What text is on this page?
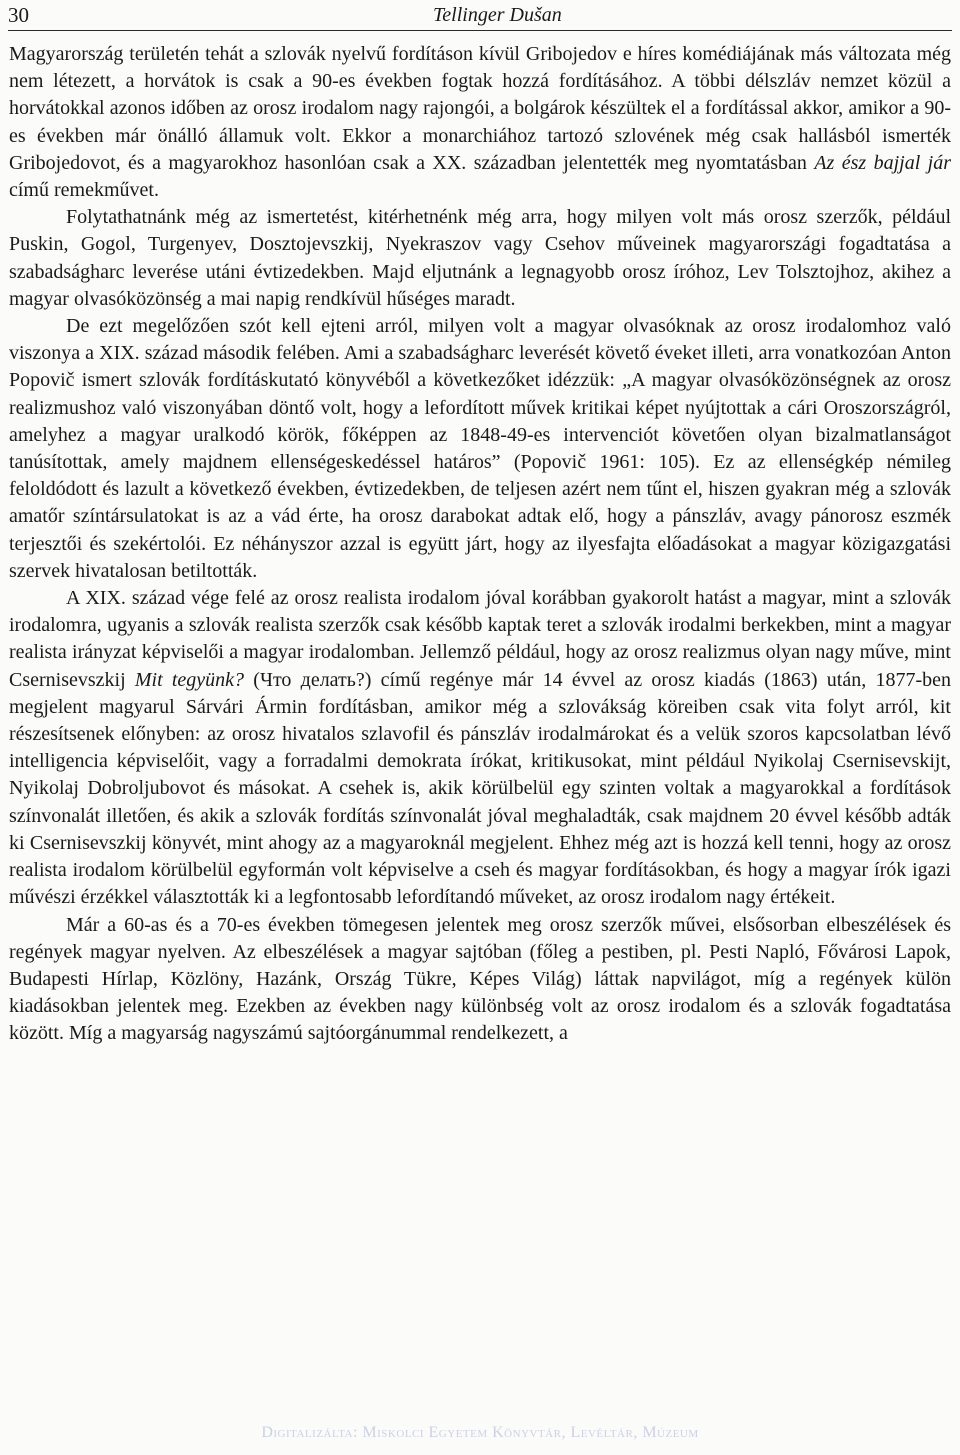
30	Tellinger Dušan

Magyarország területén tehát a szlovák nyelvű fordításon kívül Gribojedov e híres komédiájának más változata még nem létezett, a horvátok is csak a 90-es években fogtak hozzá fordításához. A többi délszláv nemzet közül a horvátokkal azonos időben az orosz irodalom nagy rajongói, a bolgárok készültek el a fordítással akkor, amikor a 90-es években már önálló államuk volt. Ekkor a monarchiához tartozó szlovének még csak hallásból ismerték Gribojedovot, és a magyarokhoz hasonlóan csak a XX. században jelentették meg nyomtatásban Az ész bajjal jár című remekművet.

Folytathatnánk még az ismertetést, kitérhetnénk még arra, hogy milyen volt más orosz szerzők, például Puskin, Gogol, Turgenyev, Dosztojevszkij, Nyekraszov vagy Csehov műveinek magyarországi fogadtatása a szabadságharc leverése utáni évtizedekben. Majd eljutnánk a legnagyobb orosz íróhoz, Lev Tolsztojhoz, akihez a magyar olvasóközönség a mai napig rendkívül hűséges maradt.

De ezt megelőzően szót kell ejteni arról, milyen volt a magyar olvasóknak az orosz irodalomhoz való viszonya a XIX. század második felében. Ami a szabadságharc leverését követő éveket illeti, arra vonatkozóan Anton Popovič ismert szlovák fordításkutató könyvéből a következőket idézzük: „A magyar olvasóközönségnek az orosz realizmushoz való viszonyában döntő volt, hogy a lefordított művek kritikai képet nyújtottak a cári Oroszországról, amelyhez a magyar uralkodó körök, főképpen az 1848-49-es intervenciót követően olyan bizalmatlanságot tanúsítottak, amely majdnem ellenségeskedéssel határos” (Popovič 1961: 105). Ez az ellenségkép némileg feloldódott és lazult a következő években, évtizedekben, de teljesen azért nem tűnt el, hiszen gyakran még a szlovák amatőr színtársulatokat is az a vád érte, ha orosz darabokat adtak elő, hogy a pánszláv, avagy pánorosz eszmék terjesztői és szekértolói. Ez néhányszor azzal is együtt járt, hogy az ilyesfajta előadásokat a magyar közigazgatási szervek hivatalosan betiltották.

A XIX. század vége felé az orosz realista irodalom jóval korábban gyakorolt hatást a magyar, mint a szlovák irodalomra, ugyanis a szlovák realista szerzők csak később kaptak teret a szlovák irodalmi berkekben, mint a magyar realista irányzat képviselői a magyar irodalomban. Jellemző például, hogy az orosz realizmus olyan nagy műve, mint Csernisevszkij Mit tegyünk? (Что делать?) című regénye már 14 évvel az orosz kiadás (1863) után, 1877-ben megjelent magyarul Sárvári Ármin fordításban, amikor még a szlovákság köreiben csak vita folyt arról, kit részesítsenek előnyben: az orosz hivatalos szlavofil és pánszláv irodalmárokat és a velük szoros kapcsolatban lévő intelligencia képviselőit, vagy a forradalmi demokrata írókat, kritikusokat, mint például Nyikolaj Csernisevskijt, Nyikolaj Dobroljubovot és másokat. A csehek is, akik körülbelül egy szinten voltak a magyarokkal a fordítások színvonalát illetően, és akik a szlovák fordítás színvonalát jóval meghaladták, csak majdnem 20 évvel később adták ki Csernisevszkij könyvét, mint ahogy az a magyaroknál megjelent. Ehhez még azt is hozzá kell tenni, hogy az orosz realista irodalom körülbelül egyformán volt képviselve a cseh és magyar fordításokban, és hogy a magyar írók igazi művészi érzékkel választották ki a legfontosabb lefordítandó műveket, az orosz irodalom nagy értékeit.

Már a 60-as és a 70-es években tömegesen jelentek meg orosz szerzők művei, elsősorban elbeszélések és regények magyar nyelven. Az elbeszélések a magyar sajtóban (főleg a pestiben, pl. Pesti Napló, Fővárosi Lapok, Budapesti Hírlap, Közlöny, Hazánk, Ország Tükre, Képes Világ) láttak napvilágot, míg a regények külön kiadásokban jelentek meg. Ezekben az években nagy különbség volt az orosz irodalom és a szlovák fogadtatása között. Míg a magyarság nagyszámú sajtóorgánummal rendelkezett, a

Digitalizálta: Miskolci Egyetem Könyvtár, Levéltár, Múzeum
